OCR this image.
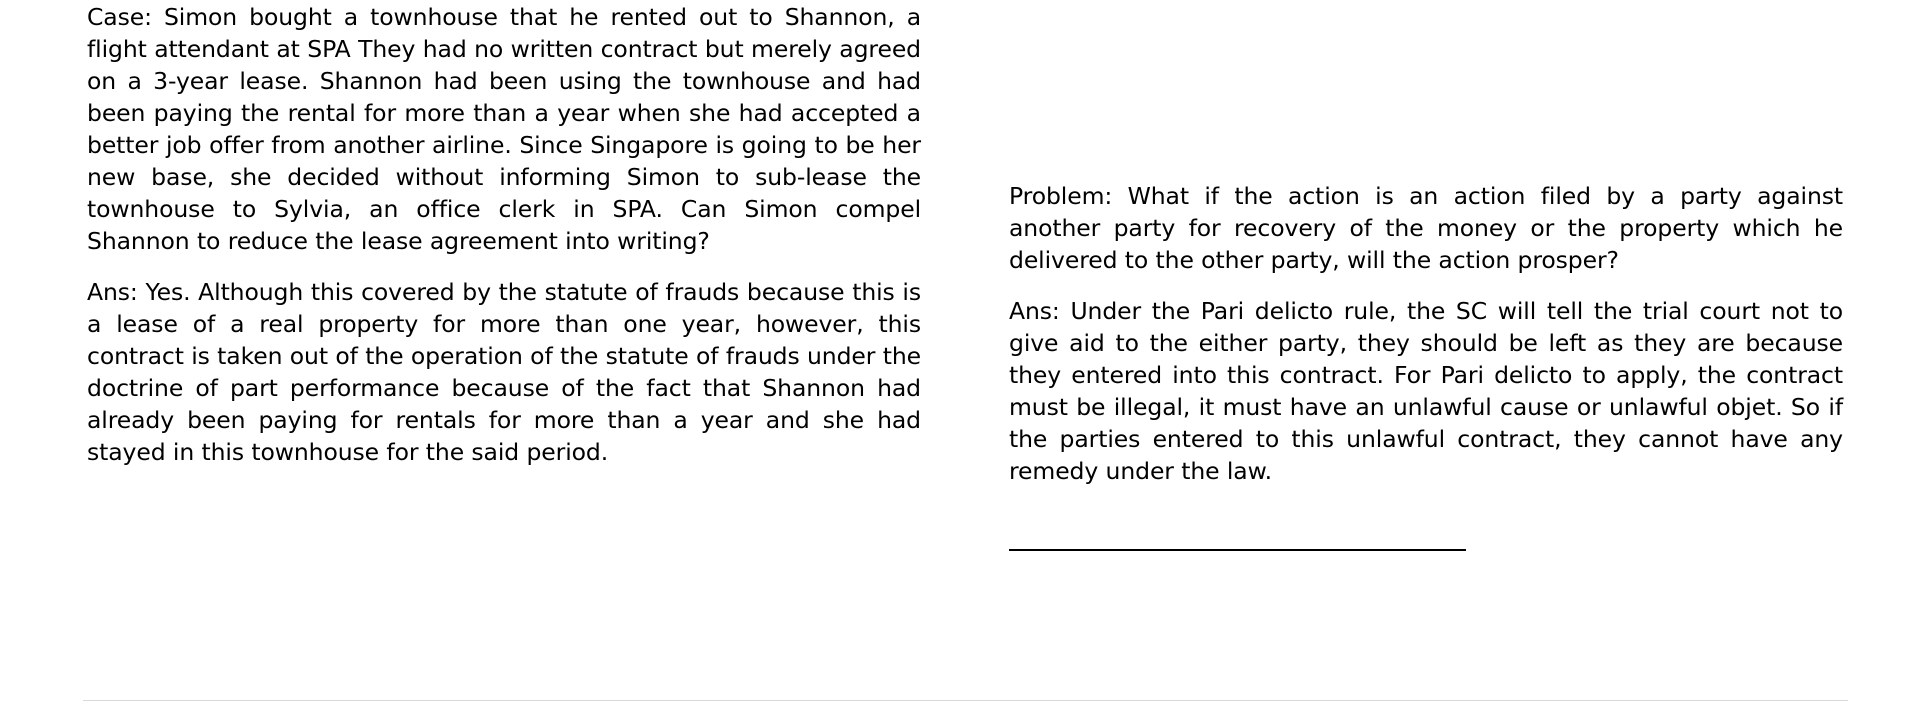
Case: Simon bought a townhouse that he rented out to Shannon, a flight attendant at SPA They had no written contract but merely agreed on a 3-year lease. Shannon had been using the townhouse and had been paying the rental for more than a year when she had accepted a better job offer from another airline. Since Singapore is going to be her new base, she decided without informing Simon to sub-lease the townhouse to Sylvia, an office clerk in SPA. Can Simon compel Shannon to reduce the lease agreement into writing?

Ans: Yes. Although this covered by the statute of frauds because this is a lease of a real property for more than one year, however, this contract is taken out of the operation of the statute of frauds under the doctrine of part performance because of the fact that Shannon had already been paying for rentals for more than a year and she had stayed in this townhouse for the said period.

Problem: What if the action is an action filed by a party against another party for recovery of the money or the property which he delivered to the other party, will the action prosper?

Ans: Under the Pari delicto rule, the SC will tell the trial court not to give aid to the either party, they should be left as they are because they entered into this contract. For Pari delicto to apply, the contract must be illegal, it must have an unlawful cause or unlawful objet. So if the parties entered to this unlawful contract, they cannot have any remedy under the law.
